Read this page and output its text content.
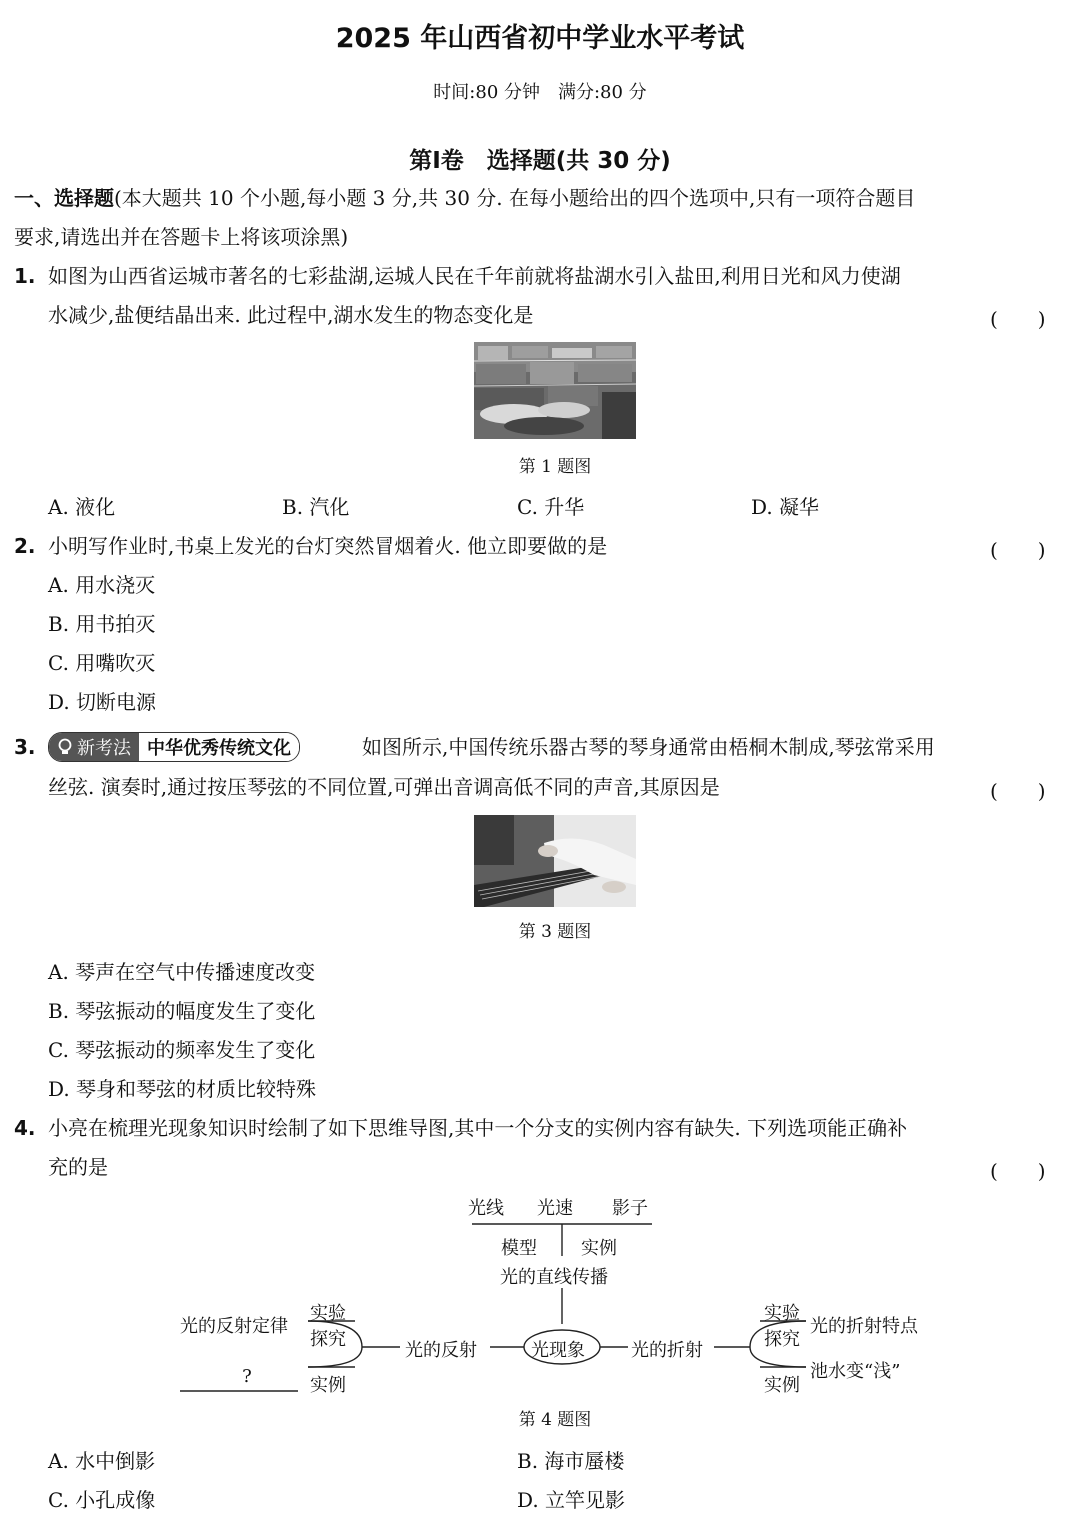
2025 年山西省初中学业水平考试
时间:80 分钟　满分:80 分
第Ⅰ卷　选择题(共 30 分)
一、选择题(本大题共 10 个小题,每小题 3 分,共 30 分. 在每小题给出的四个选项中,只有一项符合题目
要求,请选出并在答题卡上将该项涂黑)
1. 如图为山西省运城市著名的七彩盐湖,运城人民在千年前就将盐湖水引入盐田,利用日光和风力使湖
水减少,盐便结晶出来. 此过程中,湖水发生的物态变化是	(　　)
第 1 题图
A. 液化	B. 汽化	C. 升华	D. 凝华
2. 小明写作业时,书桌上发光的台灯突然冒烟着火. 他立即要做的是	(　　)
A. 用水浇灭
B. 用书拍灭
C. 用嘴吹灭
D. 切断电源
3. 新考法 中华优秀传统文化	如图所示,中国传统乐器古琴的琴身通常由梧桐木制成,琴弦常采用
丝弦. 演奏时,通过按压琴弦的不同位置,可弹出音调高低不同的声音,其原因是	(　　)
第 3 题图
A. 琴声在空气中传播速度改变
B. 琴弦振动的幅度发生了变化
C. 琴弦振动的频率发生了变化
D. 琴身和琴弦的材质比较特殊
4. 小亮在梳理光现象知识时绘制了如下思维导图,其中一个分支的实例内容有缺失. 下列选项能正确补
充的是	(　　)
光线 光速 影子
模型 实例
光的直线传播
光现象
光的反射	光的折射
实验
探究
光的反射定律
实例
?
实验
探究
光的折射特点
实例
池水变“浅”
第 4 题图
A. 水中倒影	B. 海市蜃楼
C. 小孔成像	D. 立竿见影
